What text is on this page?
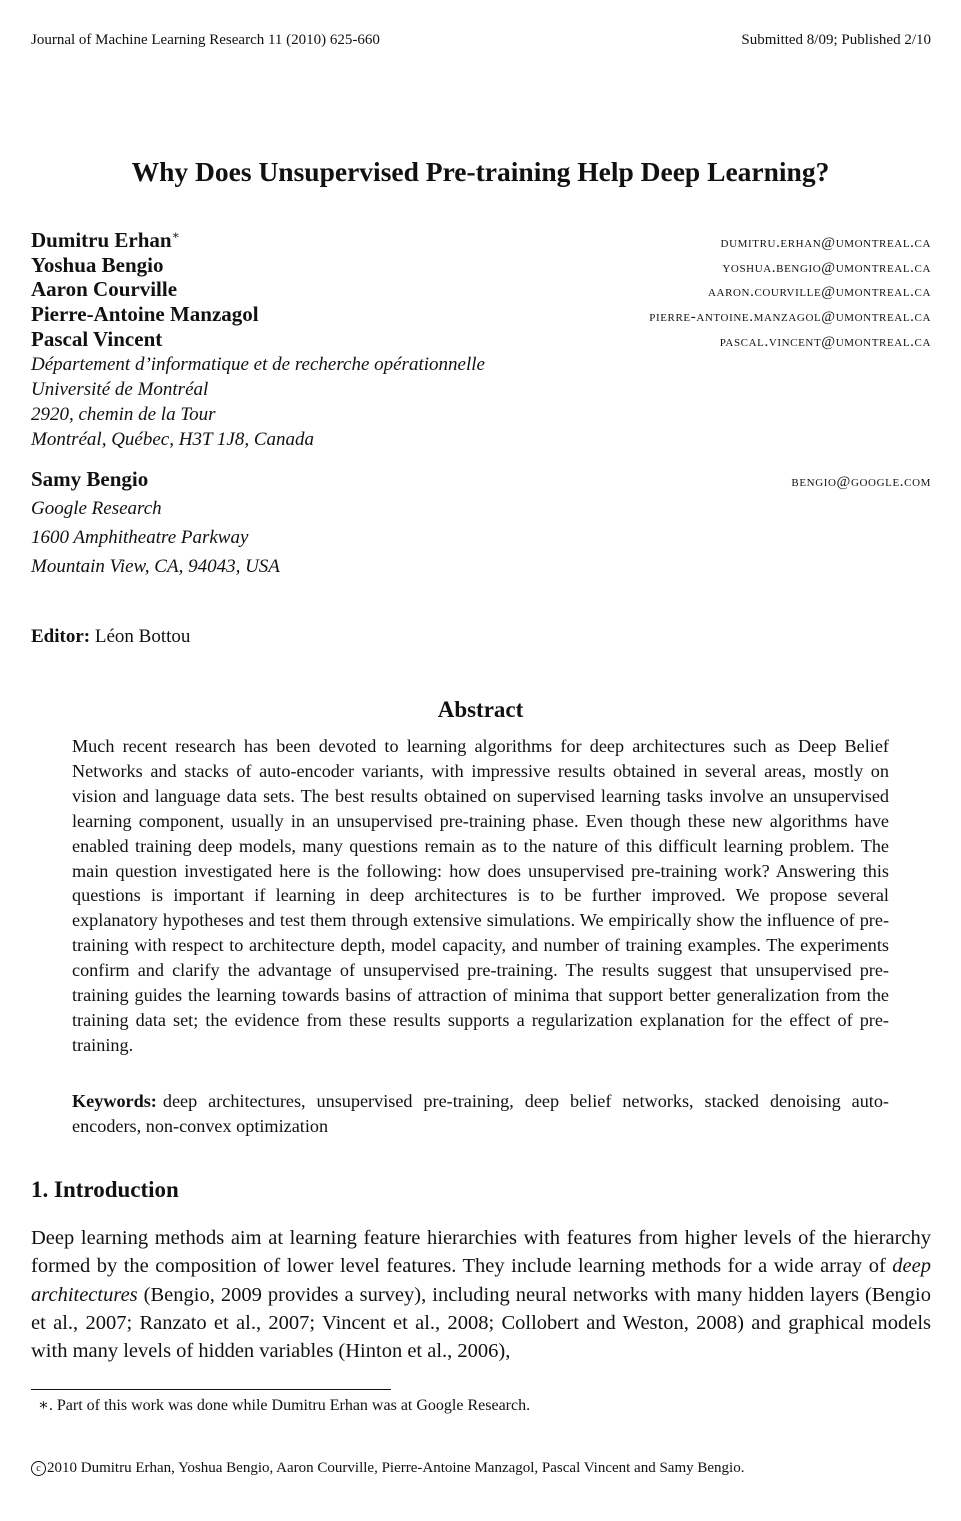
Journal of Machine Learning Research 11 (2010) 625-660	Submitted 8/09; Published 2/10
Why Does Unsupervised Pre-training Help Deep Learning?
Dumitru Erhan∗	dumitru.erhan@umontreal.ca
Yoshua Bengio	yoshua.bengio@umontreal.ca
Aaron Courville	aaron.courville@umontreal.ca
Pierre-Antoine Manzagol	pierre-antoine.manzagol@umontreal.ca
Pascal Vincent	pascal.vincent@umontreal.ca
Département d’informatique et de recherche opérationnelle
Université de Montréal
2920, chemin de la Tour
Montréal, Québec, H3T 1J8, Canada
Samy Bengio	bengio@google.com
Google Research
1600 Amphitheatre Parkway
Mountain View, CA, 94043, USA
Editor: Léon Bottou
Abstract
Much recent research has been devoted to learning algorithms for deep architectures such as Deep Belief Networks and stacks of auto-encoder variants, with impressive results obtained in several areas, mostly on vision and language data sets. The best results obtained on supervised learning tasks involve an unsupervised learning component, usually in an unsupervised pre-training phase. Even though these new algorithms have enabled training deep models, many questions remain as to the nature of this difficult learning problem. The main question investigated here is the following: how does unsupervised pre-training work? Answering this questions is important if learning in deep architectures is to be further improved. We propose several explanatory hypotheses and test them through extensive simulations. We empirically show the influence of pre-training with respect to architecture depth, model capacity, and number of training examples. The experiments confirm and clarify the advantage of unsupervised pre-training. The results suggest that unsupervised pre-training guides the learning towards basins of attraction of minima that support better generalization from the training data set; the evidence from these results supports a regularization explanation for the effect of pre-training.
Keywords: deep architectures, unsupervised pre-training, deep belief networks, stacked denoising auto-encoders, non-convex optimization
1. Introduction
Deep learning methods aim at learning feature hierarchies with features from higher levels of the hierarchy formed by the composition of lower level features. They include learning methods for a wide array of deep architectures (Bengio, 2009 provides a survey), including neural networks with many hidden layers (Bengio et al., 2007; Ranzato et al., 2007; Vincent et al., 2008; Collobert and Weston, 2008) and graphical models with many levels of hidden variables (Hinton et al., 2006),
∗. Part of this work was done while Dumitru Erhan was at Google Research.
c 2010 Dumitru Erhan, Yoshua Bengio, Aaron Courville, Pierre-Antoine Manzagol, Pascal Vincent and Samy Bengio.
